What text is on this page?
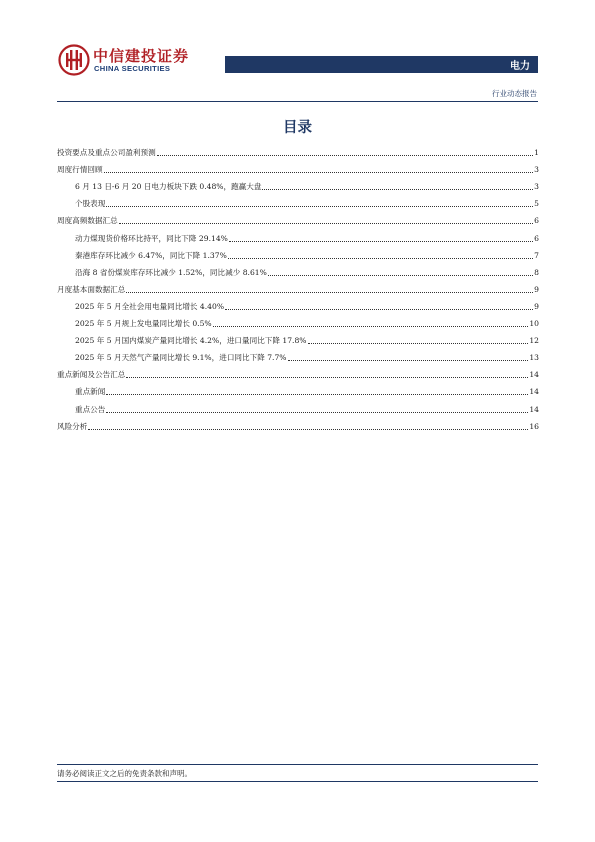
中信建投证券
CHINA SECURITIES	电力
行业动态报告
目录
投资要点及重点公司盈利预测	1
周度行情回顾	3
6 月 13 日-6 月 20 日电力板块下跌 0.48%，跑赢大盘	3
个股表现	5
周度高频数据汇总	6
动力煤现货价格环比持平，同比下降 29.14%	6
秦港库存环比减少 6.47%，同比下降 1.37%	7
沿海 8 省份煤炭库存环比减少 1.52%，同比减少 8.61%	8
月度基本面数据汇总	9
2025 年 5 月全社会用电量同比增长 4.40%	9
2025 年 5 月规上发电量同比增长 0.5%	10
2025 年 5 月国内煤炭产量同比增长 4.2%，进口量同比下降 17.8%	12
2025 年 5 月天然气产量同比增长 9.1%，进口同比下降 7.7%	13
重点新闻及公告汇总	14
重点新闻	14
重点公告	14
风险分析	16
请务必阅读正文之后的免责条款和声明。
